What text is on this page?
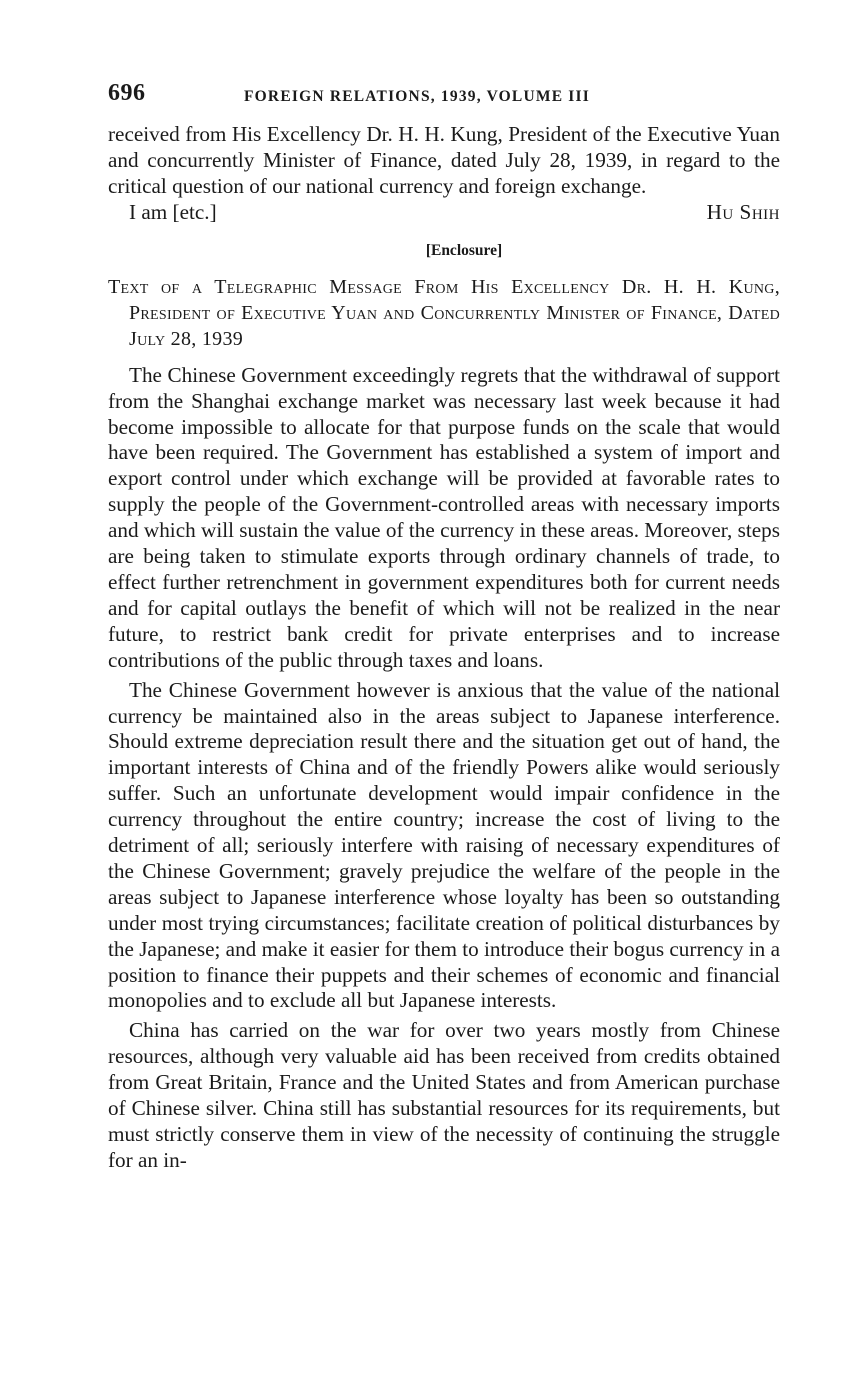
696	FOREIGN RELATIONS, 1939, VOLUME III

received from His Excellency Dr. H. H. Kung, President of the Executive Yuan and concurrently Minister of Finance, dated July 28, 1939, in regard to the critical question of our national currency and foreign exchange.

I am [etc.]	Hu Shih
[Enclosure]
Text of a Telegraphic Message From His Excellency Dr. H. H. Kung, President of Executive Yuan and Concurrently Minister of Finance, Dated July 28, 1939

The Chinese Government exceedingly regrets that the withdrawal of support from the Shanghai exchange market was necessary last week because it had become impossible to allocate for that purpose funds on the scale that would have been required. The Government has established a system of import and export control under which exchange will be provided at favorable rates to supply the people of the Government-controlled areas with necessary imports and which will sustain the value of the currency in these areas. Moreover, steps are being taken to stimulate exports through ordinary channels of trade, to effect further retrenchment in government expenditures both for current needs and for capital outlays the benefit of which will not be realized in the near future, to restrict bank credit for private enterprises and to increase contributions of the public through taxes and loans.

The Chinese Government however is anxious that the value of the national currency be maintained also in the areas subject to Japanese interference. Should extreme depreciation result there and the situation get out of hand, the important interests of China and of the friendly Powers alike would seriously suffer. Such an unfortunate development would impair confidence in the currency throughout the entire country; increase the cost of living to the detriment of all; seriously interfere with raising of necessary expenditures of the Chinese Government; gravely prejudice the welfare of the people in the areas subject to Japanese interference whose loyalty has been so outstanding under most trying circumstances; facilitate creation of political disturbances by the Japanese; and make it easier for them to introduce their bogus currency in a position to finance their puppets and their schemes of economic and financial monopolies and to exclude all but Japanese interests.

China has carried on the war for over two years mostly from Chinese resources, although very valuable aid has been received from credits obtained from Great Britain, France and the United States and from American purchase of Chinese silver. China still has substantial resources for its requirements, but must strictly conserve them in view of the necessity of continuing the struggle for an in-
